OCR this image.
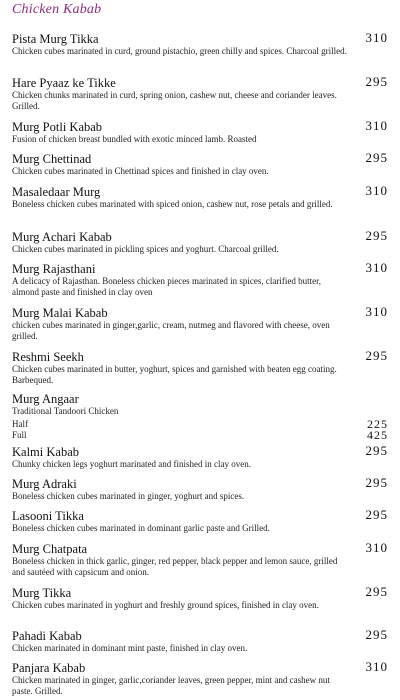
Chicken Kabab
Pista Murg Tikka	310
Chicken cubes marinated in curd, ground pistachio, green chilly and spices. Charcoal grilled.
Hare Pyaaz ke Tikke	295
Chicken chunks marinated in curd, spring onion, cashew nut, cheese and coriander leaves. Grilled.
Murg Potli Kabab	310
Fusion of chicken breast bundled with exotic minced lamb. Roasted
Murg Chettinad	295
Chicken cubes marinated in Chettinad spices and finished in clay oven.
Masaledaar Murg	310
Boneless chicken cubes marinated with spiced onion, cashew nut, rose petals and grilled.
Murg Achari Kabab	295
Chicken cubes marinated in pickling spices and yoghurt. Charcoal grilled.
Murg Rajasthani	310
A delicacy of Rajasthan. Boneless chicken pieces marinated in spices, clarified butter, almond paste and finished in clay oven
Murg Malai Kabab	310
chicken cubes marinated in ginger,garlic, cream, nutmeg and flavored with cheese, oven grilled.
Reshmi Seekh	295
Chicken cubes marinated in butter, yoghurt, spices and garnished with beaten egg coating. Barbequed.
Murg Angaar
Traditional Tandoori Chicken
Half	225
Full	425
Kalmi Kabab	295
Chunky chicken legs yoghurt marinated and finished in clay oven.
Murg Adraki	295
Boneless chicken cubes marinated in ginger, yoghurt and spices.
Lasooni Tikka	295
Boneless chicken cubes marinated in dominant garlic paste and Grilled.
Murg Chatpata	310
Boneless chicken in thick garlic, ginger, red pepper, black pepper and lemon sauce, grilled and sautéed with capsicum and onion.
Murg Tikka	295
Chicken cubes marinated in yoghurt and freshly ground spices, finished in clay oven.
Pahadi Kabab	295
Chicken marinated in dominant mint paste, finished in clay oven.
Panjara Kabab	310
Chicken marinated in ginger, garlic,coriander leaves, green pepper, mint and cashew nut paste. Grilled.
